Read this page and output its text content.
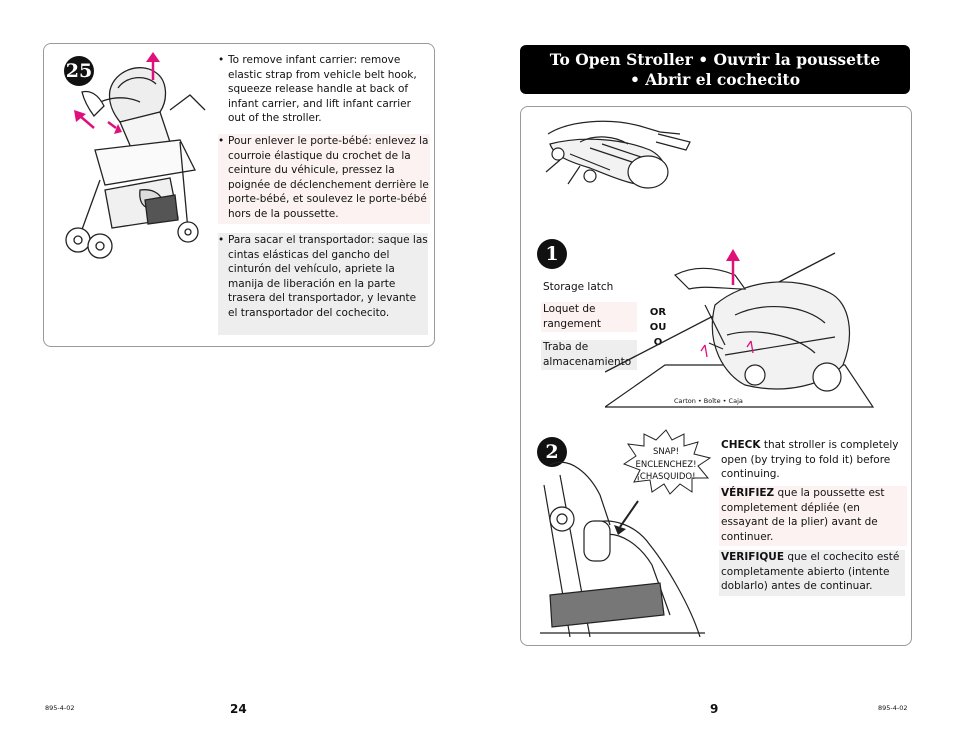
25	• To remove infant carrier: remove elastic strap from vehicle belt hook, squeeze release handle at back of infant carrier, and lift infant carrier out of the stroller.
• Pour enlever le porte-bébé: enlevez la courroie élastique du crochet de la ceinture du véhicule, pressez la poignée de déclenchement derrière le porte-bébé, et soulevez le porte-bébé hors de la poussette.
• Para sacar el transportador: saque las cintas elásticas del gancho del cinturón del vehículo, apriete la manija de liberación en la parte trasera del transportador, y levante el transportador del cochecito.
895-4-02	24
To Open Stroller • Ouvrir la poussette
• Abrir el cochecito
1
Storage latch
Loquet de rangement
Traba de almacenamiento
OR OU O
Carton • Boîte • Caja
2	SNAP! ENCLENCHEZ! ¡CHASQUIDO!
CHECK that stroller is completely open (by trying to fold it) before continuing.
VÉRIFIEZ que la poussette est completement dépliée (en essayant de la plier) avant de continuer.
VERIFIQUE que el cochecito esté completamente abierto (intente doblarlo) antes de continuar.
9	895-4-02
